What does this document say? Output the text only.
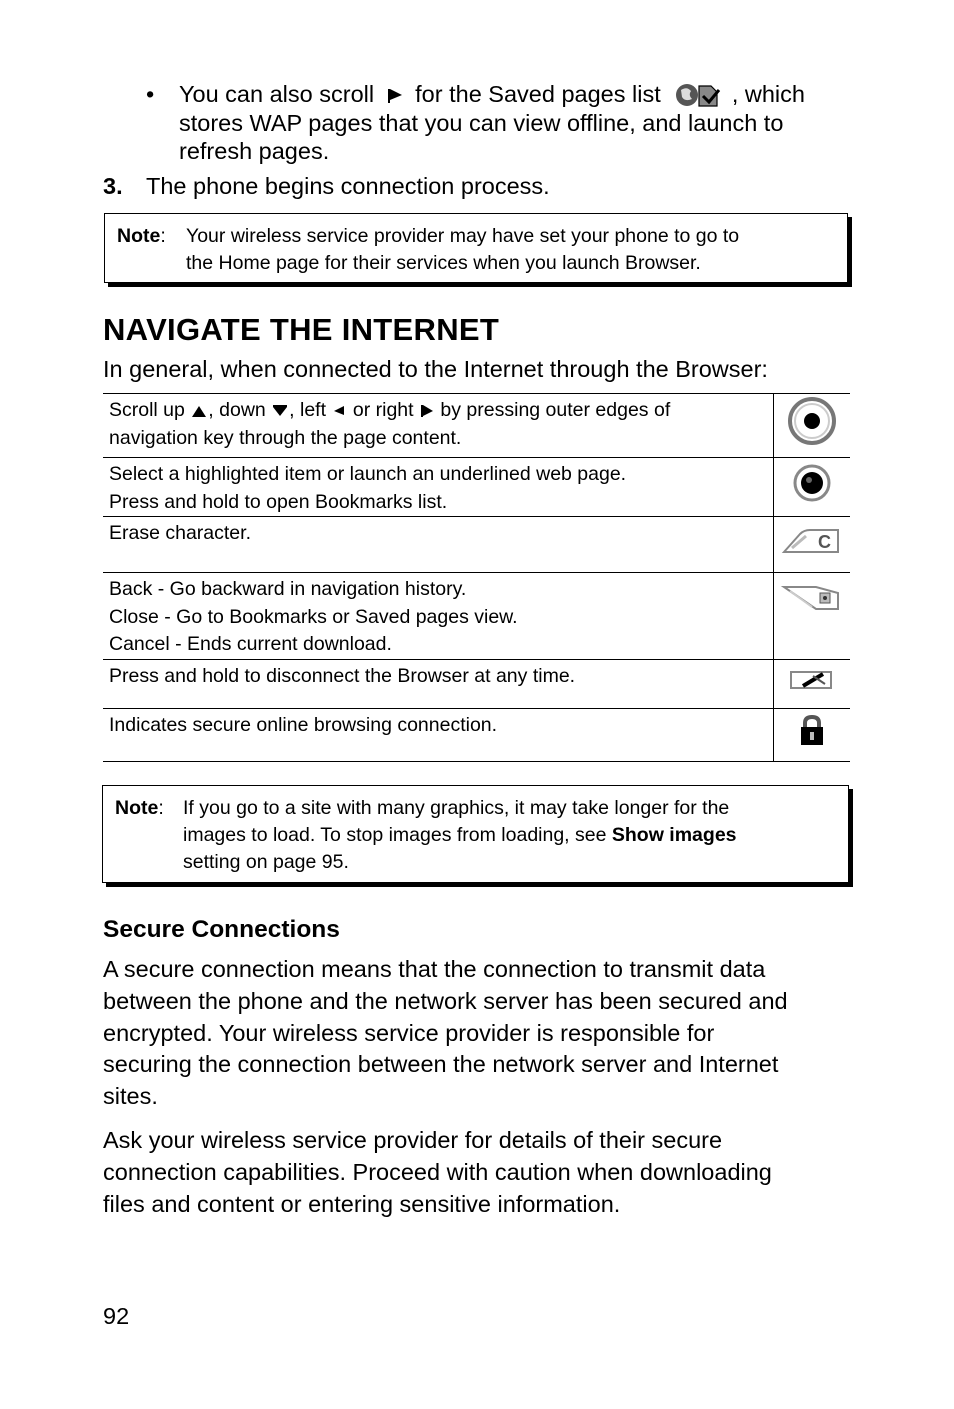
• You can also scroll for the Saved pages list	, which
stores WAP pages that you can view offline, and launch to
refresh pages.
3. The phone begins connection process.
Note: Your wireless service provider may have set your phone to go to
the Home page for their services when you launch Browser.
NAVIGATE THE INTERNET
In general, when connected to the Internet through the Browser:
Scroll up , down , left or right by pressing outer edges of
navigation key through the page content.	

Select a highlighted item or launch an underlined web page.
Press and hold to open Bookmarks list.

Erase character.	C

Back - Go backward in navigation history.
Close - Go to Bookmarks or Saved pages view.
Cancel - Ends current download.

Press and hold to disconnect the Browser at any time.	
Indicates secure online browsing connection.	
Note: If you go to a site with many graphics, it may take longer for the
images to load. To stop images from loading, see Show images
setting on page 95.
Secure Connections
A secure connection means that the connection to transmit data
between the phone and the network server has been secured and
encrypted. Your wireless service provider is responsible for
securing the connection between the network server and Internet
sites.
Ask your wireless service provider for details of their secure
connection capabilities. Proceed with caution when downloading
files and content or entering sensitive information.
92
